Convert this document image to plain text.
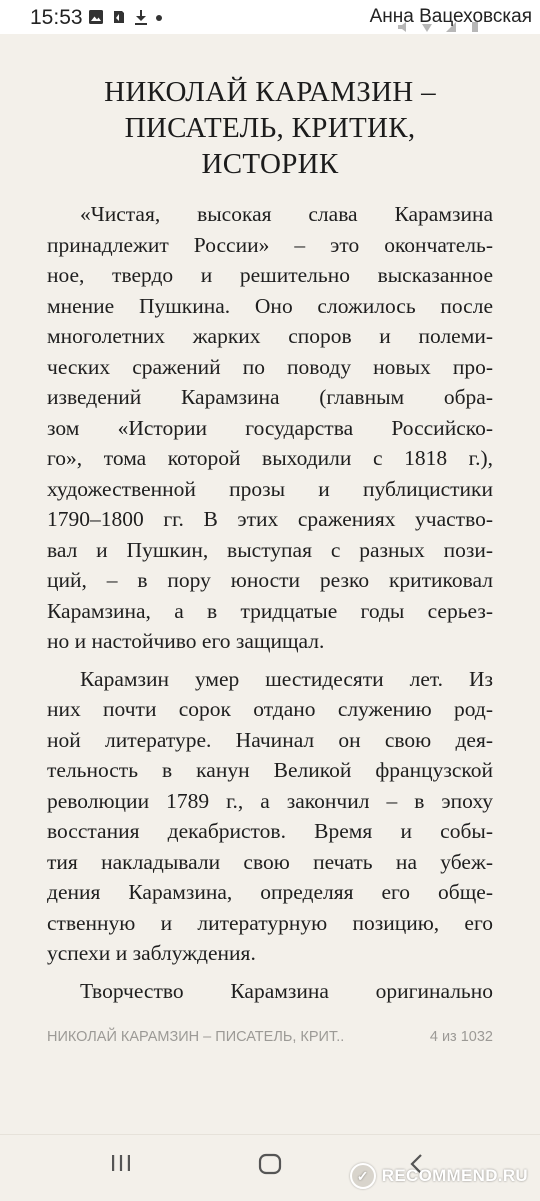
15:53	Анна Вацеховская
НИКОЛАЙ КАРАМЗИН –
ПИСАТЕЛЬ, КРИТИК,
ИСТОРИК
«Чистая, высокая слава Карамзина
принадлежит России» – это окончатель-
ное, твердо и решительно высказанное
мнение Пушкина. Оно сложилось после
многолетних жарких споров и полеми-
ческих сражений по поводу новых про-
изведений Карамзина (главным обра-
зом «Истории государства Российско-
го», тома которой выходили с 1818 г.),
художественной прозы и публицистики
1790–1800 гг. В этих сражениях участво-
вал и Пушкин, выступая с разных пози-
ций, – в пору юности резко критиковал
Карамзина, а в тридцатые годы серьез-
но и настойчиво его защищал.
Карамзин умер шестидесяти лет. Из
них почти сорок отдано служению род-
ной литературе. Начинал он свою дея-
тельность в канун Великой французской
революции 1789 г., а закончил – в эпоху
восстания декабристов. Время и собы-
тия накладывали свою печать на убеж-
дения Карамзина, определяя его обще-
ственную и литературную позицию, его
успехи и заблуждения.
Творчество Карамзина оригинально
НИКОЛАЙ КАРАМЗИН – ПИСАТЕЛЬ, КРИТ..	4 из 1032
✓ RECOMMEND.RU
